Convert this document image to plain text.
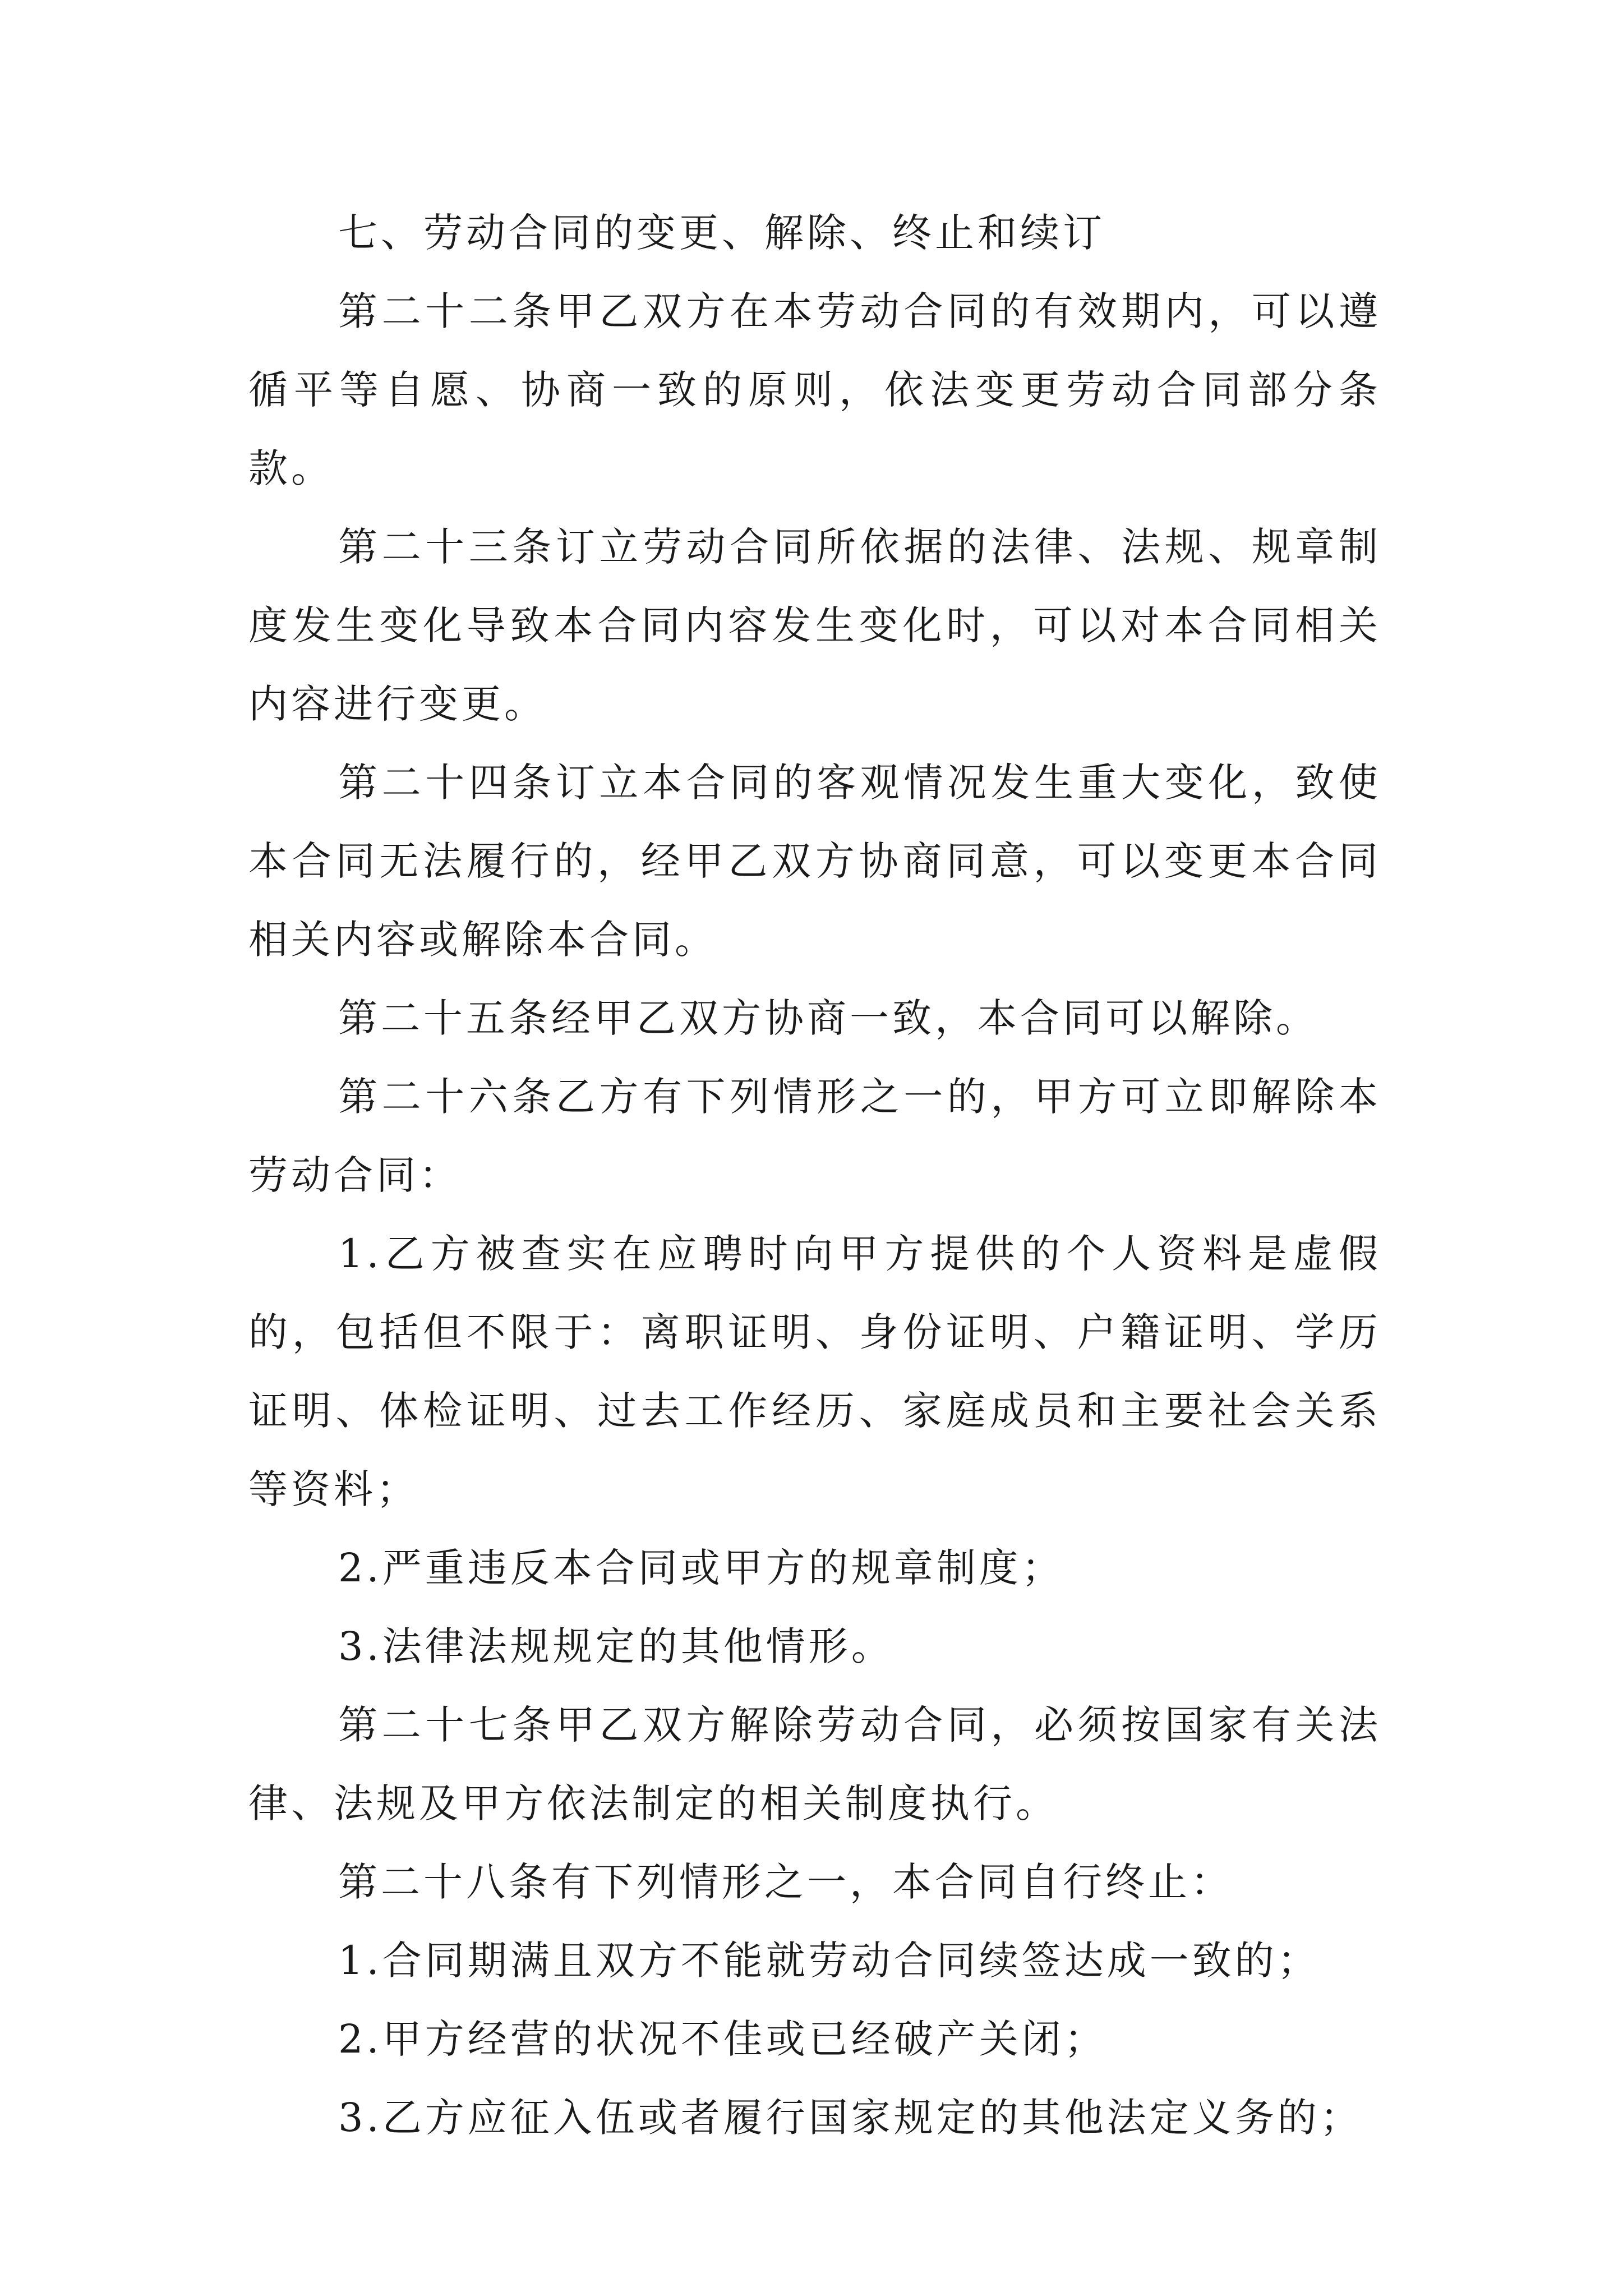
七、劳动合同的变更、解除、终止和续订

第二十二条甲乙双方在本劳动合同的有效期内，可以遵循平等自愿、协商一致的原则，依法变更劳动合同部分条款。

第二十三条订立劳动合同所依据的法律、法规、规章制度发生变化导致本合同内容发生变化时，可以对本合同相关内容进行变更。

第二十四条订立本合同的客观情况发生重大变化，致使本合同无法履行的，经甲乙双方协商同意，可以变更本合同相关内容或解除本合同。

第二十五条经甲乙双方协商一致，本合同可以解除。

第二十六条乙方有下列情形之一的，甲方可立即解除本劳动合同：

1.乙方被查实在应聘时向甲方提供的个人资料是虚假的，包括但不限于：离职证明、身份证明、户籍证明、学历证明、体检证明、过去工作经历、家庭成员和主要社会关系等资料；

2.严重违反本合同或甲方的规章制度；

3.法律法规规定的其他情形。

第二十七条甲乙双方解除劳动合同，必须按国家有关法律、法规及甲方依法制定的相关制度执行。

第二十八条有下列情形之一，本合同自行终止：

1.合同期满且双方不能就劳动合同续签达成一致的；

2.甲方经营的状况不佳或已经破产关闭；

3.乙方应征入伍或者履行国家规定的其他法定义务的；
